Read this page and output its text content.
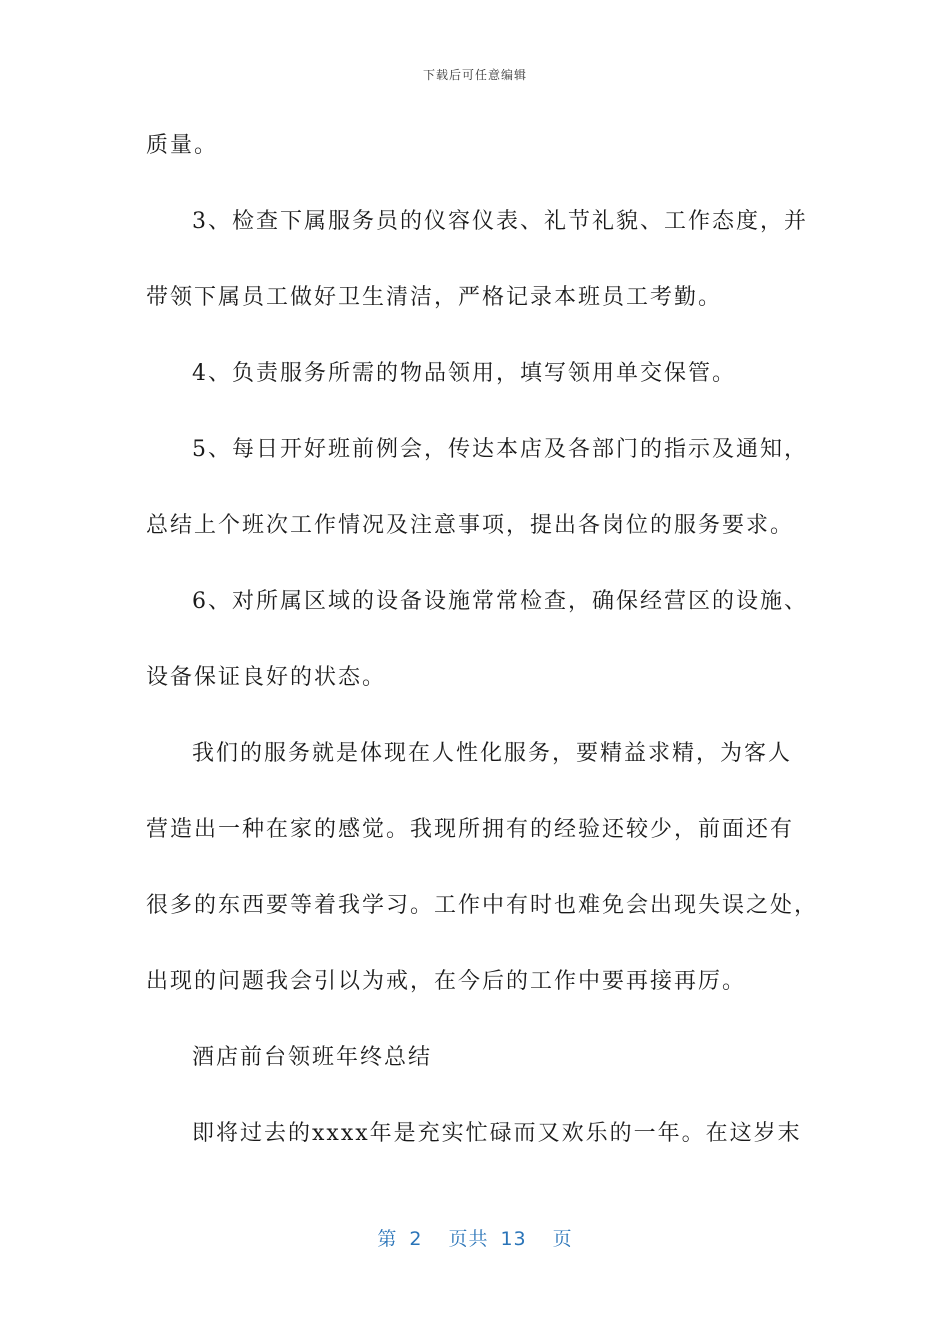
下载后可任意编辑
质量。
3、检查下属服务员的仪容仪表、礼节礼貌、工作态度，并
带领下属员工做好卫生清洁，严格记录本班员工考勤。
4、负责服务所需的物品领用，填写领用单交保管。
5、每日开好班前例会，传达本店及各部门的指示及通知，
总结上个班次工作情况及注意事项，提出各岗位的服务要求。
6、对所属区域的设备设施常常检查，确保经营区的设施、
设备保证良好的状态。
我们的服务就是体现在人性化服务，要精益求精，为客人
营造出一种在家的感觉。我现所拥有的经验还较少，前面还有
很多的东西要等着我学习。工作中有时也难免会出现失误之处，
出现的问题我会引以为戒，在今后的工作中要再接再厉。
酒店前台领班年终总结
即将过去的xxxx年是充实忙碌而又欢乐的一年。在这岁末
第 2 页共 13 页
